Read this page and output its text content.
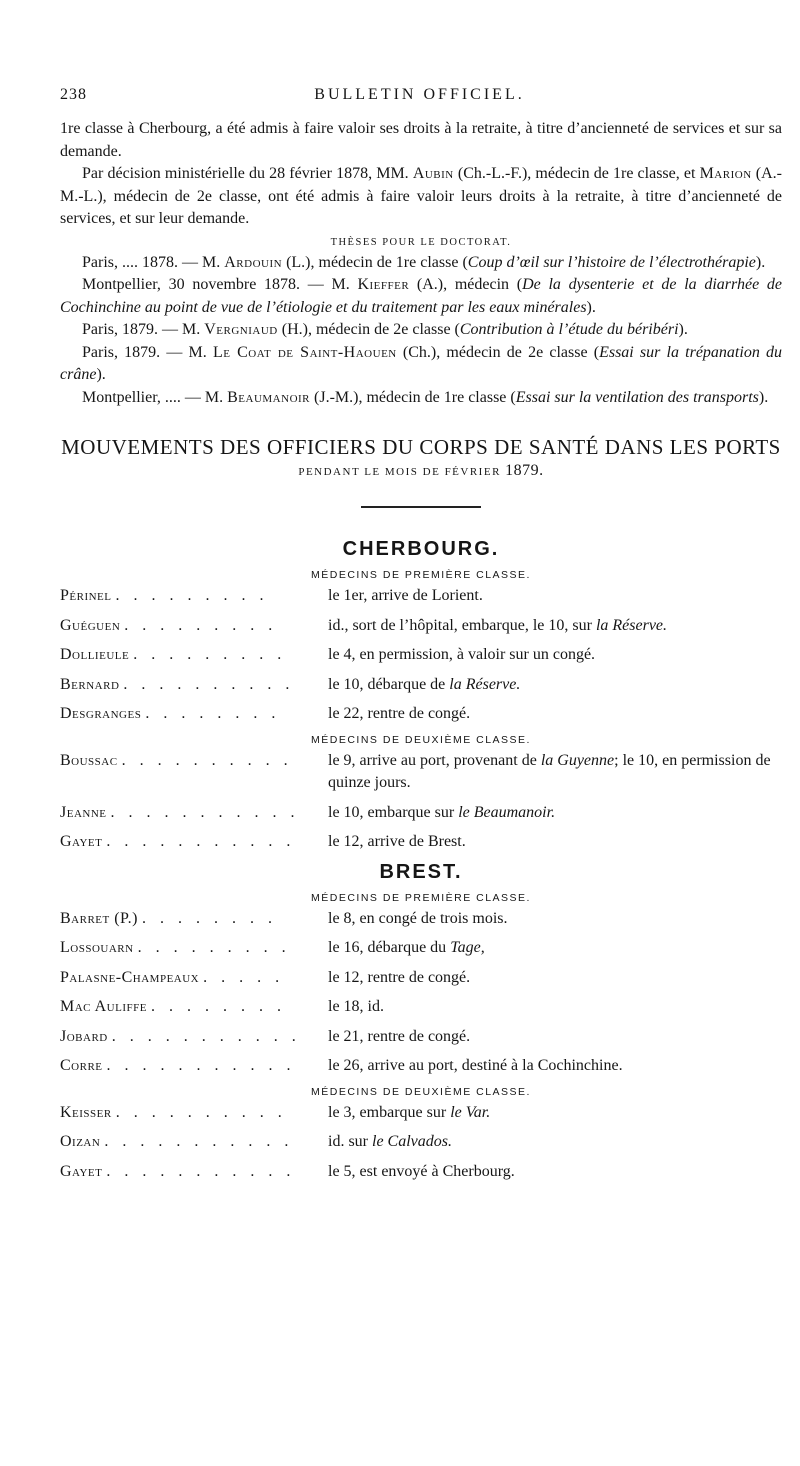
238	BULLETIN OFFICIEL.

1re classe à Cherbourg, a été admis à faire valoir ses droits à la retraite, à titre d’ancienneté de services et sur sa demande.

Par décision ministérielle du 28 février 1878, MM. Aubin (Ch.-L.-F.), médecin de 1re classe, et Marion (A.-M.-L.), médecin de 2e classe, ont été admis à faire valoir leurs droits à la retraite, à titre d’ancienneté de services, et sur leur demande.

THÈSES POUR LE DOCTORAT.

Paris, .... 1878. — M. Ardouin (L.), médecin de 1re classe (Coup d’œil sur l’histoire de l’électrothérapie).

Montpellier, 30 novembre 1878. — M. Kieffer (A.), médecin (De la dysenterie et de la diarrhée de Cochinchine au point de vue de l’étiologie et du traitement par les eaux minérales).

Paris, 1879. — M. Vergniaud (H.), médecin de 2e classe (Contribution à l’étude du béribéri).

Paris, 1879. — M. Le Coat de Saint-Haouen (Ch.), médecin de 2e classe (Essai sur la trépanation du crâne).

Montpellier, .... — M. Beaumanoir (J.-M.), médecin de 1re classe (Essai sur la ventilation des transports).

MOUVEMENTS DES OFFICIERS DU CORPS DE SANTÉ DANS LES PORTS
PENDANT LE MOIS DE FÉVRIER 1879.
CHERBOURG.
MÉDECINS DE PREMIÈRE CLASSE.
Périnel . . . . . . . . .	le 1er, arrive de Lorient.
Guéguen . . . . . . . . .	id., sort de l’hôpital, embarque, le 10, sur la Réserve.
Dollieule . . . . . . . . .	le 4, en permission, à valoir sur un congé.
Bernard . . . . . . . . . .	le 10, débarque de la Réserve.
Desgranges . . . . . . . .	le 22, rentre de congé.
MÉDECINS DE DEUXIÈME CLASSE.
Boussac . . . . . . . . . .	le 9, arrive au port, provenant de la Guyenne; le 10, en permission de quinze jours.
Jeanne . . . . . . . . . . .	le 10, embarque sur le Beaumanoir.
Gayet . . . . . . . . . . .	le 12, arrive de Brest.
BREST.
MÉDECINS DE PREMIÈRE CLASSE.
Barret (P.) . . . . . . . .	le 8, en congé de trois mois.
Lossouarn . . . . . . . . .	le 16, débarque du Tage,
Palasne-Champeaux . . . . .	le 12, rentre de congé.
Mac Auliffe . . . . . . . .	le 18, id.
Jobard . . . . . . . . . . .	le 21, rentre de congé.
Corre . . . . . . . . . . .	le 26, arrive au port, destiné à la Cochinchine.
MÉDECINS DE DEUXIÈME CLASSE.
Keisser . . . . . . . . . .	le 3, embarque sur le Var.
Oizan . . . . . . . . . . .	id. sur le Calvados.
Gayet . . . . . . . . . . .	le 5, est envoyé à Cherbourg.
